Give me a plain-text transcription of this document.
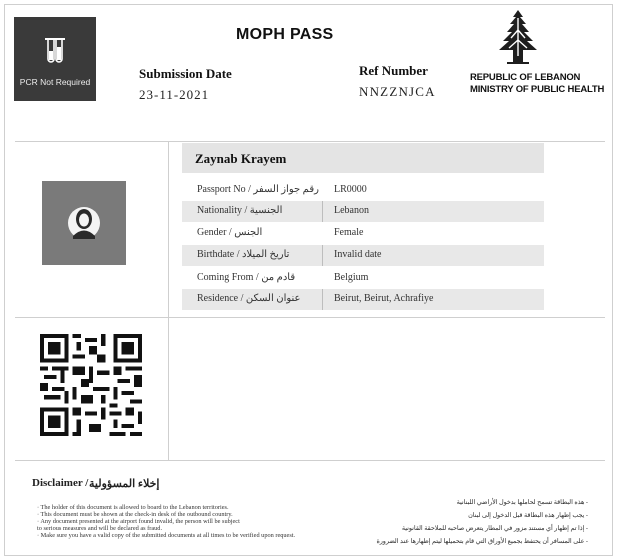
PCR Not Required
MOPH PASS
Submission Date
23-11-2021
Ref Number
NNZZNJCA
REPUBLIC OF LEBANON
MINISTRY OF PUBLIC HEALTH
Zaynab Krayem
Passport No / رقم جواز السفر LR0000
Nationality / الجنسية	Lebanon
Gender / الجنس	Female
Birthdate / تاريخ الميلاد	Invalid date
Coming From / قادم من	Belgium
Residence / عنوان السكن	Beirut, Beirut, Achrafiye
Disclaimer / إخلاء المسؤولية
· The holder of this document is allowed to board to the Lebanon territories.
· This document must be shown at the check-in desk of the outbound country.
· Any document presented at the airport found invalid, the person will be subject
to serious measures and will be declared as fraud.
· Make sure you have a valid copy of the submitted documents at all times to be verified upon request.
- هذه البطاقة تسمح لحاملها بدخول الأراضي اللبنانية
- يجب إظهار هذه البطاقة قبل الدخول إلى لبنان
- إذا تم إظهار أي مستند مزور في المطار يتعرض صاحبه للملاحقة القانونية
- على المسافر أن يحتفظ بجميع الأوراق التي قام بتحميلها ليتم إظهارها عند الضرورة
